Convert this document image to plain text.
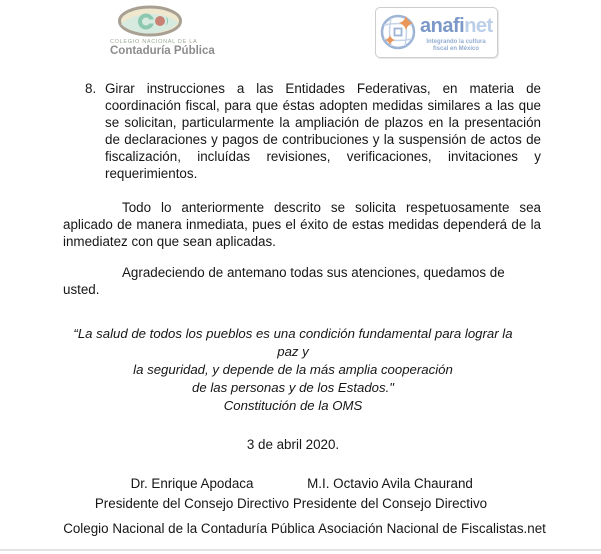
COLEGIO NACIONAL DE LA
Contaduría Pública
anafinet
Integrando la cultura
fiscal en México
8. Girar instrucciones a las Entidades Federativas, en materia de coordinación fiscal, para que éstas adopten medidas similares a las que se solicitan, particularmente la ampliación de plazos en la presentación de declaraciones y pagos de contribuciones y la suspensión de actos de fiscalización, incluídas revisiones, verificaciones, invitaciones y requerimientos.
Todo lo anteriormente descrito se solicita respetuosamente sea aplicado de manera inmediata, pues el éxito de estas medidas dependerá de la inmediatez con que sean aplicadas.
Agradeciendo de antemano todas sus atenciones, quedamos de usted.
“La salud de todos los pueblos es una condición fundamental para lograr la paz y
la seguridad, y depende de la más amplia cooperación
de las personas y de los Estados."
Constitución de la OMS
3 de abril 2020.
Dr. Enrique Apodaca
Presidente del Consejo Directivo
M.I. Octavio Avila Chaurand
Presidente del Consejo Directivo
Colegio Nacional de la Contaduría Pública Asociación Nacional de Fiscalistas.net
